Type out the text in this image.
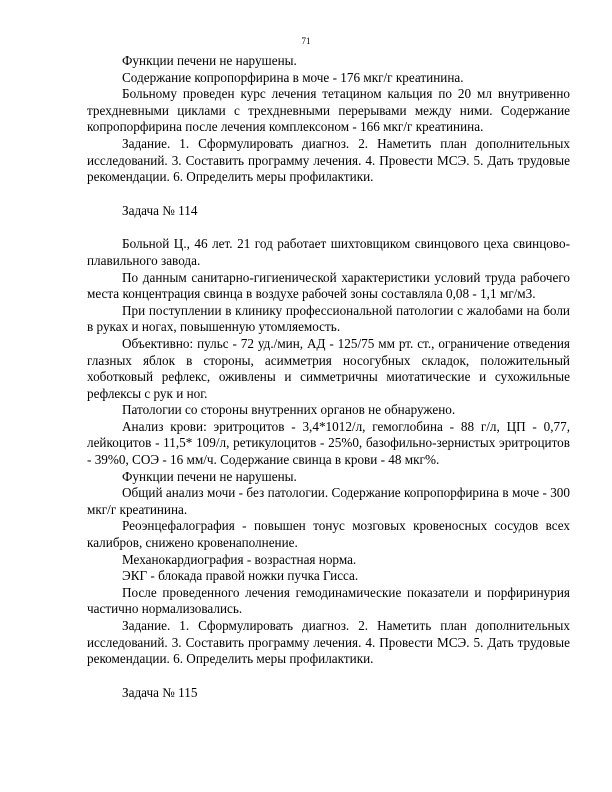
71

Функции печени не нарушены.

Содержание копропорфирина в моче - 176 мкг/г креатинина.

Больному проведен курс лечения тетацином кальция по 20 мл внутривенно трехдневными циклами с трехдневными перерывами между ними. Содержание копропорфирина после лечения комплексоном - 166 мкг/г креатинина.

Задание. 1. Сформулировать диагноз. 2. Наметить план дополнительных исследований. 3. Составить программу лечения. 4. Провести МСЭ. 5. Дать трудовые рекомендации. 6. Определить меры профилактики.

Задача № 114

Больной Ц., 46 лет. 21 год работает шихтовщиком свинцового цеха свинцово-плавильного завода.

По данным санитарно-гигиенической характеристики условий труда рабочего места концентрация свинца в воздухе рабочей зоны составляла 0,08 - 1,1 мг/м3.

При поступлении в клинику профессиональной патологии с жалобами на боли в руках и ногах, повышенную утомляемость.

Объективно: пульс - 72 уд./мин, АД - 125/75 мм рт. ст., ограничение отведения глазных яблок в стороны, асимметрия носогубных складок, положительный хоботковый рефлекс, оживлены и симметричны миотатические и сухожильные рефлексы с рук и ног.

Патологии со стороны внутренних органов не обнаружено.

Анализ крови: эритроцитов - 3,4*1012/л, гемоглобина - 88 г/л, ЦП - 0,77, лейкоцитов - 11,5* 109/л, ретикулоцитов - 25%0, базофильно-зернистых эритроцитов - 39%0, СОЭ - 16 мм/ч. Содержание свинца в крови - 48 мкг%.

Функции печени не нарушены.

Общий анализ мочи - без патологии. Содержание копропорфирина в моче - 300 мкг/г креатинина.

Реоэнцефалография - повышен тонус мозговых кровеносных сосудов всех калибров, снижено кровенаполнение.

Механокардиография - возрастная норма.

ЭКГ - блокада правой ножки пучка Гисса.

После проведенного лечения гемодинамические показатели и порфиринурия частично нормализовались.

Задание. 1. Сформулировать диагноз. 2. Наметить план дополнительных исследований. 3. Составить программу лечения. 4. Провести МСЭ. 5. Дать трудовые рекомендации. 6. Определить меры профилактики.

Задача № 115
